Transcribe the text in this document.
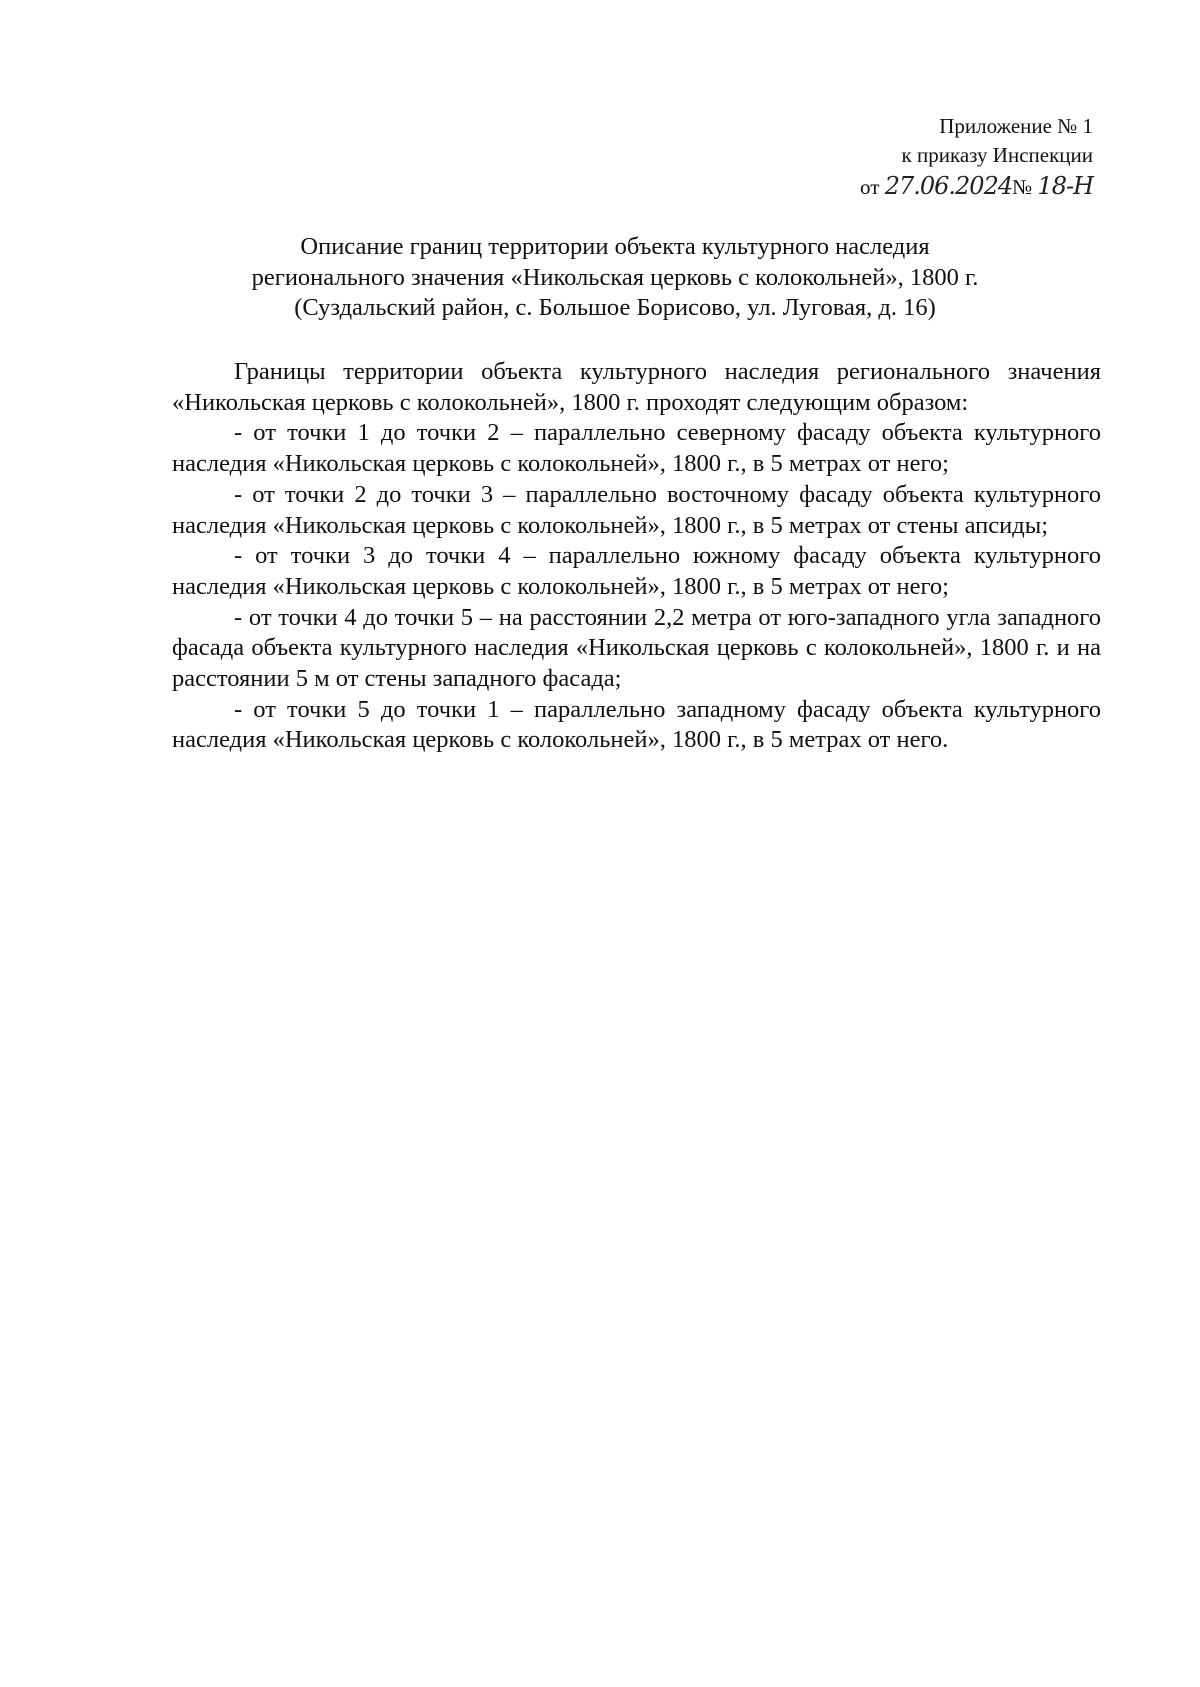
Приложение № 1
к приказу Инспекции
от 27.06.2024№ 18-Н
Описание границ территории объекта культурного наследия
регионального значения «Никольская церковь с колокольней», 1800 г.
(Суздальский район, с. Большое Борисово, ул. Луговая, д. 16)

Границы территории объекта культурного наследия регионального значения «Никольская церковь с колокольней», 1800 г. проходят следующим образом:

- от точки 1 до точки 2 – параллельно северному фасаду объекта культурного наследия «Никольская церковь с колокольней», 1800 г., в 5 метрах от него;

- от точки 2 до точки 3 – параллельно восточному фасаду объекта культурного наследия «Никольская церковь с колокольней», 1800 г., в 5 метрах от стены апсиды;

- от точки 3 до точки 4 – параллельно южному фасаду объекта культурного наследия «Никольская церковь с колокольней», 1800 г., в 5 метрах от него;

- от точки 4 до точки 5 – на расстоянии 2,2 метра от юго-западного угла западного фасада объекта культурного наследия «Никольская церковь с колокольней», 1800 г. и на расстоянии 5 м от стены западного фасада;

- от точки 5 до точки 1 – параллельно западному фасаду объекта культурного наследия «Никольская церковь с колокольней», 1800 г., в 5 метрах от него.
